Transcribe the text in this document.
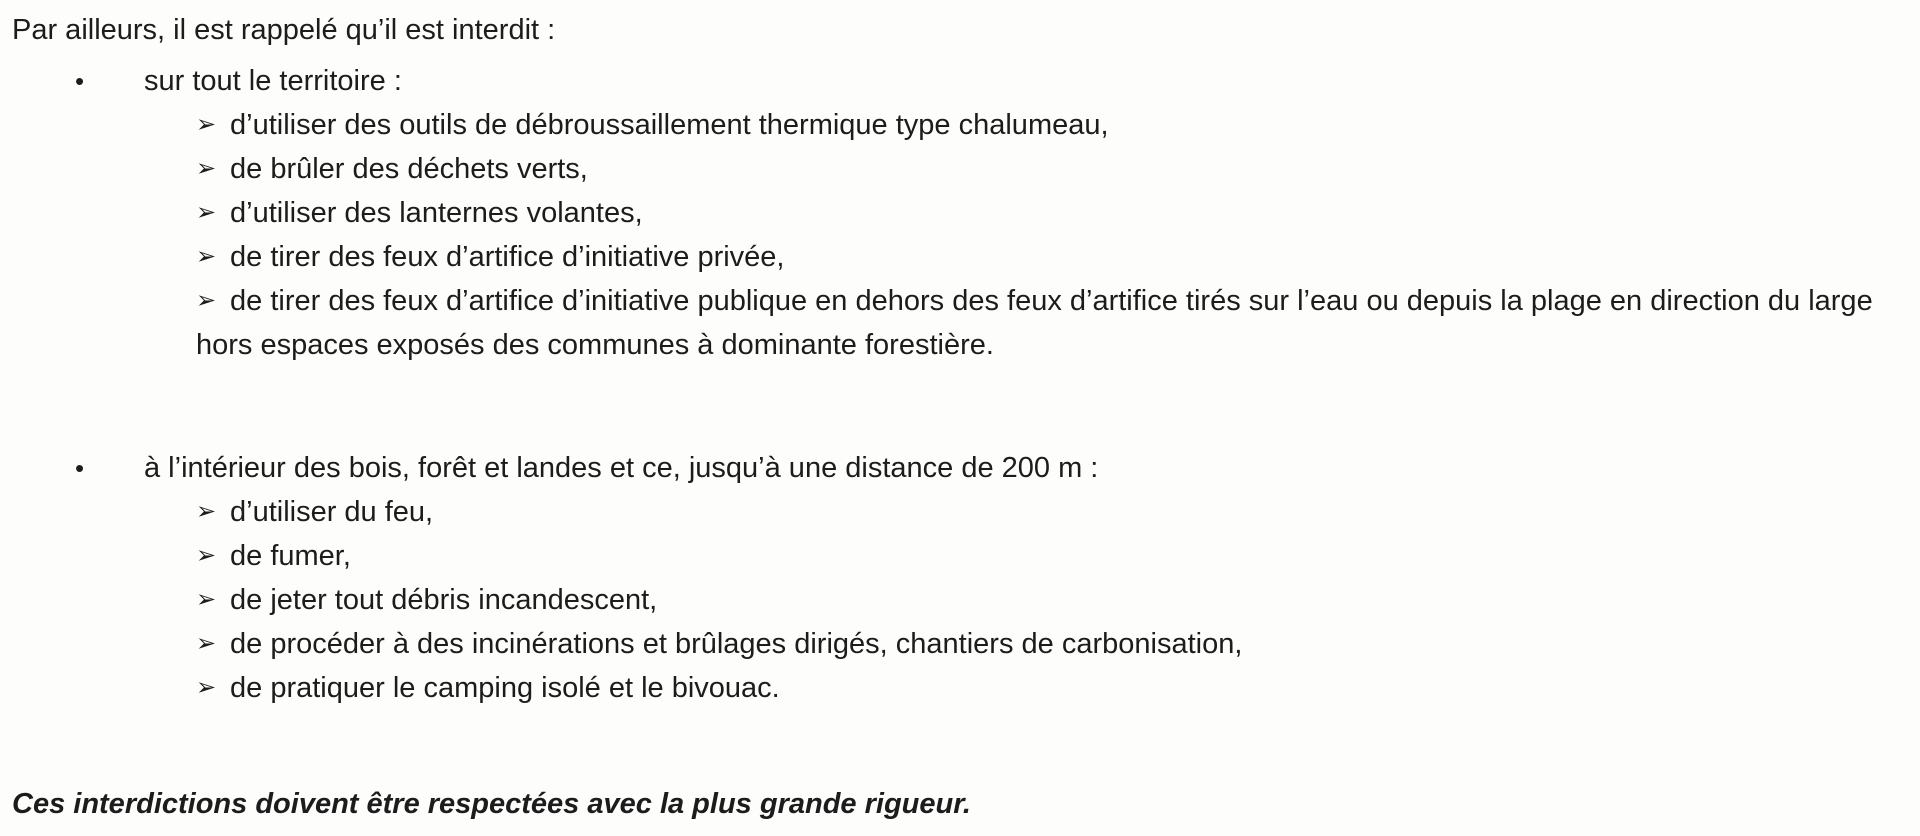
Par ailleurs, il est rappelé qu’il est interdit :
• sur tout le territoire :
➢ d’utiliser des outils de débroussaillement thermique type chalumeau,
➢ de brûler des déchets verts,
➢ d’utiliser des lanternes volantes,
➢ de tirer des feux d’artifice d’initiative privée,
➢ de tirer des feux d’artifice d’initiative publique en dehors des feux d’artifice tirés sur l’eau ou depuis la plage en direction du large hors espaces exposés des communes à dominante forestière.
• à l’intérieur des bois, forêt et landes et ce, jusqu’à une distance de 200 m :
➢ d’utiliser du feu,
➢ de fumer,
➢ de jeter tout débris incandescent,
➢ de procéder à des incinérations et brûlages dirigés, chantiers de carbonisation,
➢ de pratiquer le camping isolé et le bivouac.
Ces interdictions doivent être respectées avec la plus grande rigueur.
